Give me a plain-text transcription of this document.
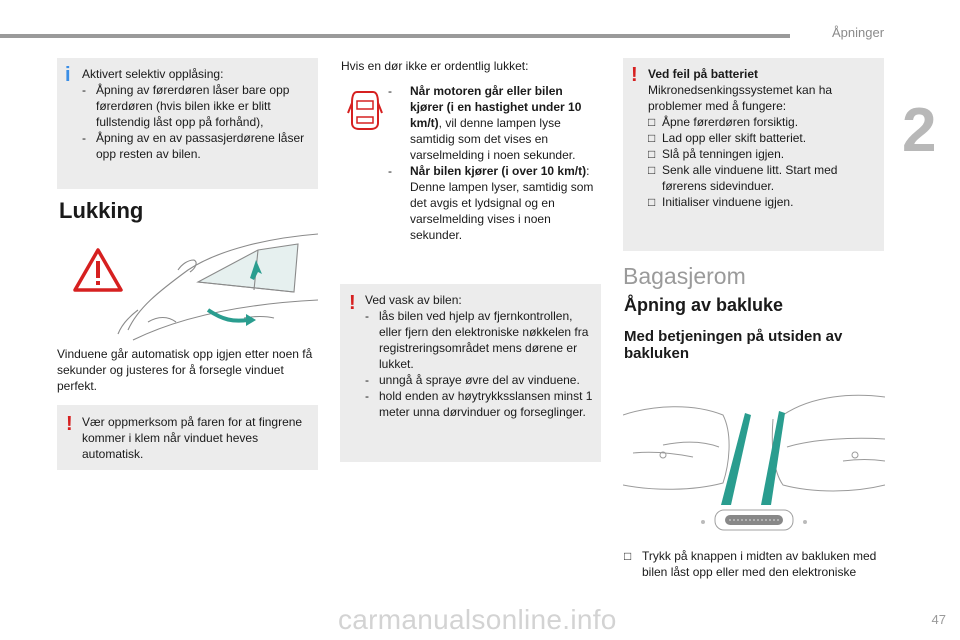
Åpninger
2
i Aktivert selektiv opplåsing:
- Åpning av førerdøren låser bare opp førerdøren (hvis bilen ikke er blitt fullstendig låst opp på forhånd),
- Åpning av en av passasjerdørene låser opp resten av bilen.
Lukking
Vinduene går automatisk opp igjen etter noen få sekunder og justeres for å forsegle vinduet perfekt.
! Vær oppmerksom på faren for at fingrene kommer i klem når vinduet heves automatisk.
Hvis en dør ikke er ordentlig lukket:
- Når motoren går eller bilen kjører (i en hastighet under 10 km/t), vil denne lampen lyse samtidig som det vises en varselmelding i noen sekunder.
- Når bilen kjører (i over 10 km/t): Denne lampen lyser, samtidig som det avgis et lydsignal og en varselmelding vises i noen sekunder.
! Ved vask av bilen:
- lås bilen ved hjelp av fjernkontrollen, eller fjern den elektroniske nøkkelen fra registreringsområdet mens dørene er lukket.
- unngå å spraye øvre del av vinduene.
- hold enden av høytrykksslansen minst 1 meter unna dørvinduer og forseglinger.
! Ved feil på batteriet
Mikronedsenkingssystemet kan ha problemer med å fungere:
□ Åpne førerdøren forsiktig.
□ Lad opp eller skift batteriet.
□ Slå på tenningen igjen.
□ Senk alle vinduene litt. Start med førerens sidevinduer.
□ Initialiser vinduene igjen.
Bagasjerom
Åpning av bakluke
Med betjeningen på utsiden av bakluken
□ Trykk på knappen i midten av bakluken med bilen låst opp eller med den elektroniske
carmanualsonline.info	47
